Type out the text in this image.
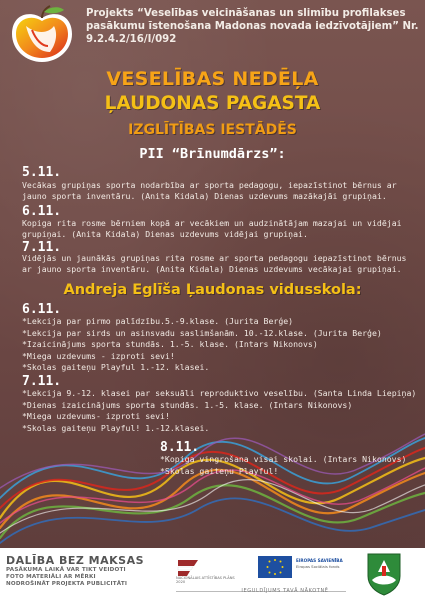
Projekts “Veselības veicināšanas un slimību profilakses pasākumu īstenošana Madonas novada iedzīvotājiem” Nr. 9.2.4.2/16/I/092
VESELĪBAS NEDĒĻA
ĻAUDONAS PAGASTA
IZGLĪTĪBAS IESTĀDĒS
PII “Brīnumdārzs”:
5.11.
Vecākas grupiņas sporta nodarbība ar sporta pedagogu, iepazīstinot bērnus ar jauno sporta inventāru. (Anita Kidala) Dienas uzdevums mazākajāi grupiņai.
6.11.
Kopiga rita rosme bērniem kopā ar vecākiem un audzinātājam mazajai un vidējai grupiņai. (Anita Kidala) Dienas uzdevums vidējai grupiņai.
7.11.
Vidējās un jaunākās grupiņas rita rosme ar sporta pedagogu iepazīstinot bērnus ar jauno sporta inventāru. (Anita Kidala) Dienas uzdevums vecākajai grupiņai.
Andreja Eglīša Ļaudonas vidusskola:
6.11.
*Lekcija par pirmo palīdzību.5.-9.klase. (Jurita Berģe)
*Lekcija par sirds un asinsvadu saslimšanām. 10.-12.klase. (Jurita Berģe)
*Izaicinājums sporta stundās. 1.-5. klase. (Intars Nikonovs)
*Miega uzdevums - izproti sevi!
*Skolas gaiteņu Playful 1.-12. klasei.
7.11.
*Lekcija 9.-12. klasei par seksuāli reproduktivo veselību. (Santa Linda Liepiņa)
*Dienas izaicinājums sporta stundās. 1.-5. klase. (Intars Nikonovs)
*Miega uzdevums- izproti sevi!
*Skolas gaiteņu Playful! 1.-12.klasei.
8.11.
*Kopiga vingrošana visai skolai. (Intars Nikonovs)
*Skolas gaiteņu Playful!
DALĪBA BEZ MAKSAS
PASĀKUMA LAIKĀ VAR TIKT VEIDOTI
FOTO MATERIĀLI AR MĒRKI
NODROŠINĀT PROJEKTA PUBLICITĀTI
NACIONĀLAIS ATTĪSTĪBAS PLĀNS 2020
EIROPAS SAVIENĪBA
Eiropas Sociālais fonds
IEGULDĪJUMS TAVĀ NĀKOTNĒ
